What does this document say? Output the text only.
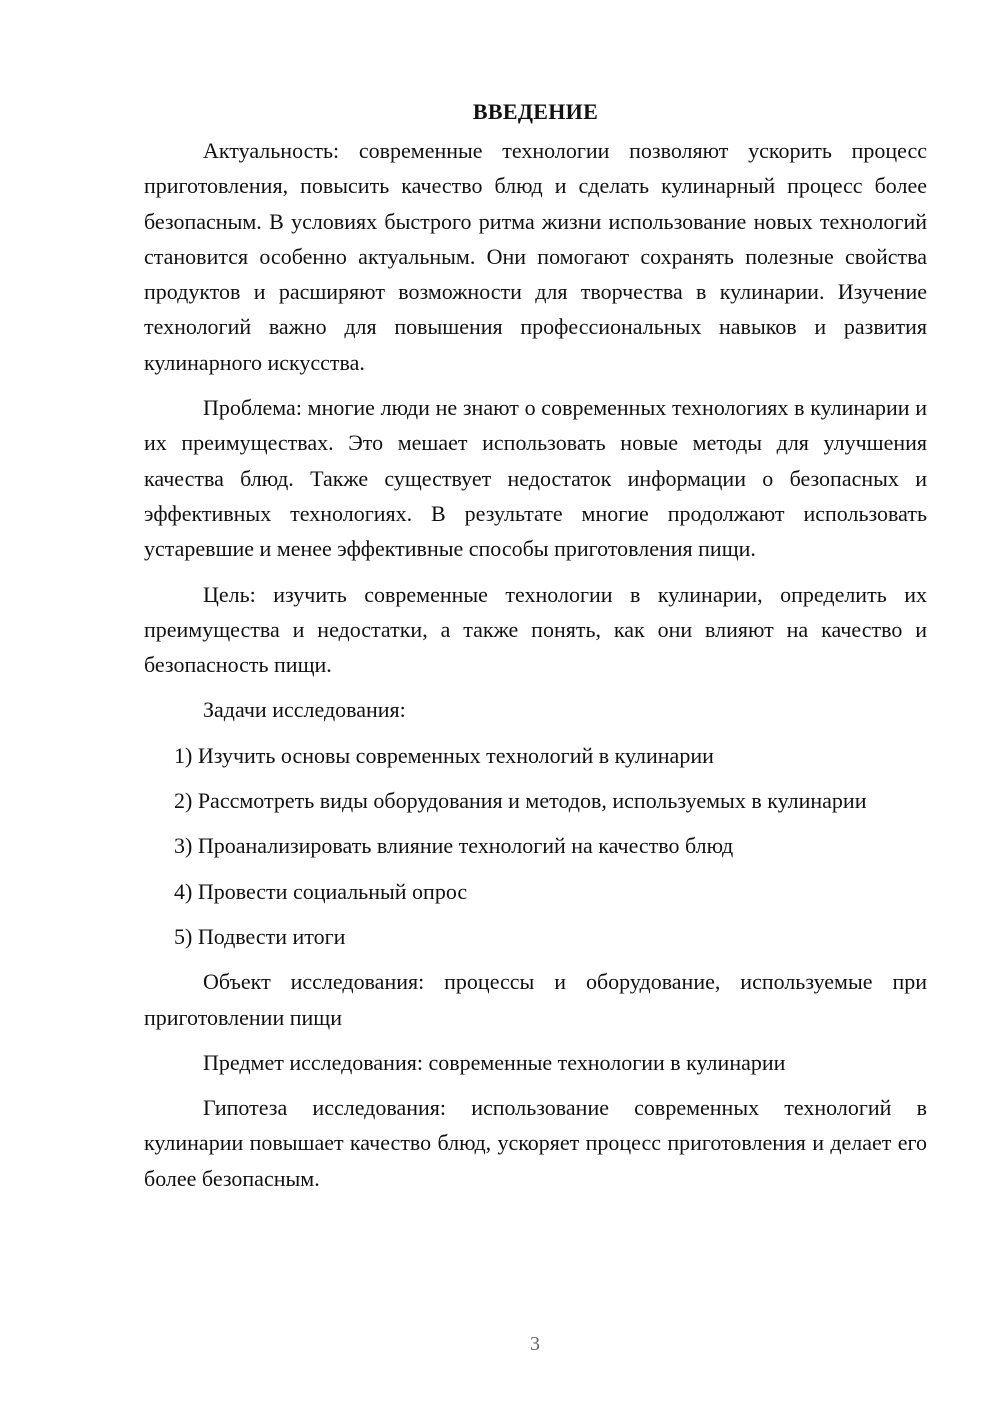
ВВЕДЕНИЕ

Актуальность: современные технологии позволяют ускорить процесс приготовления, повысить качество блюд и сделать кулинарный процесс более безопасным. В условиях быстрого ритма жизни использование новых технологий становится особенно актуальным. Они помогают сохранять полезные свойства продуктов и расширяют возможности для творчества в кулинарии. Изучение технологий важно для повышения профессиональных навыков и развития кулинарного искусства.

Проблема: многие люди не знают о современных технологиях в кулинарии и их преимуществах. Это мешает использовать новые методы для улучшения качества блюд. Также существует недостаток информации о безопасных и эффективных технологиях. В результате многие продолжают использовать устаревшие и менее эффективные способы приготовления пищи.

Цель: изучить современные технологии в кулинарии, определить их преимущества и недостатки, а также понять, как они влияют на качество и безопасность пищи.

Задачи исследования:

1) Изучить основы современных технологий в кулинарии

2) Рассмотреть виды оборудования и методов, используемых в кулинарии

3) Проанализировать влияние технологий на качество блюд

4) Провести социальный опрос

5) Подвести итоги

Объект исследования: процессы и оборудование, используемые при приготовлении пищи

Предмет исследования: современные технологии в кулинарии

Гипотеза исследования: использование современных технологий в кулинарии повышает качество блюд, ускоряет процесс приготовления и делает его более безопасным.

3
